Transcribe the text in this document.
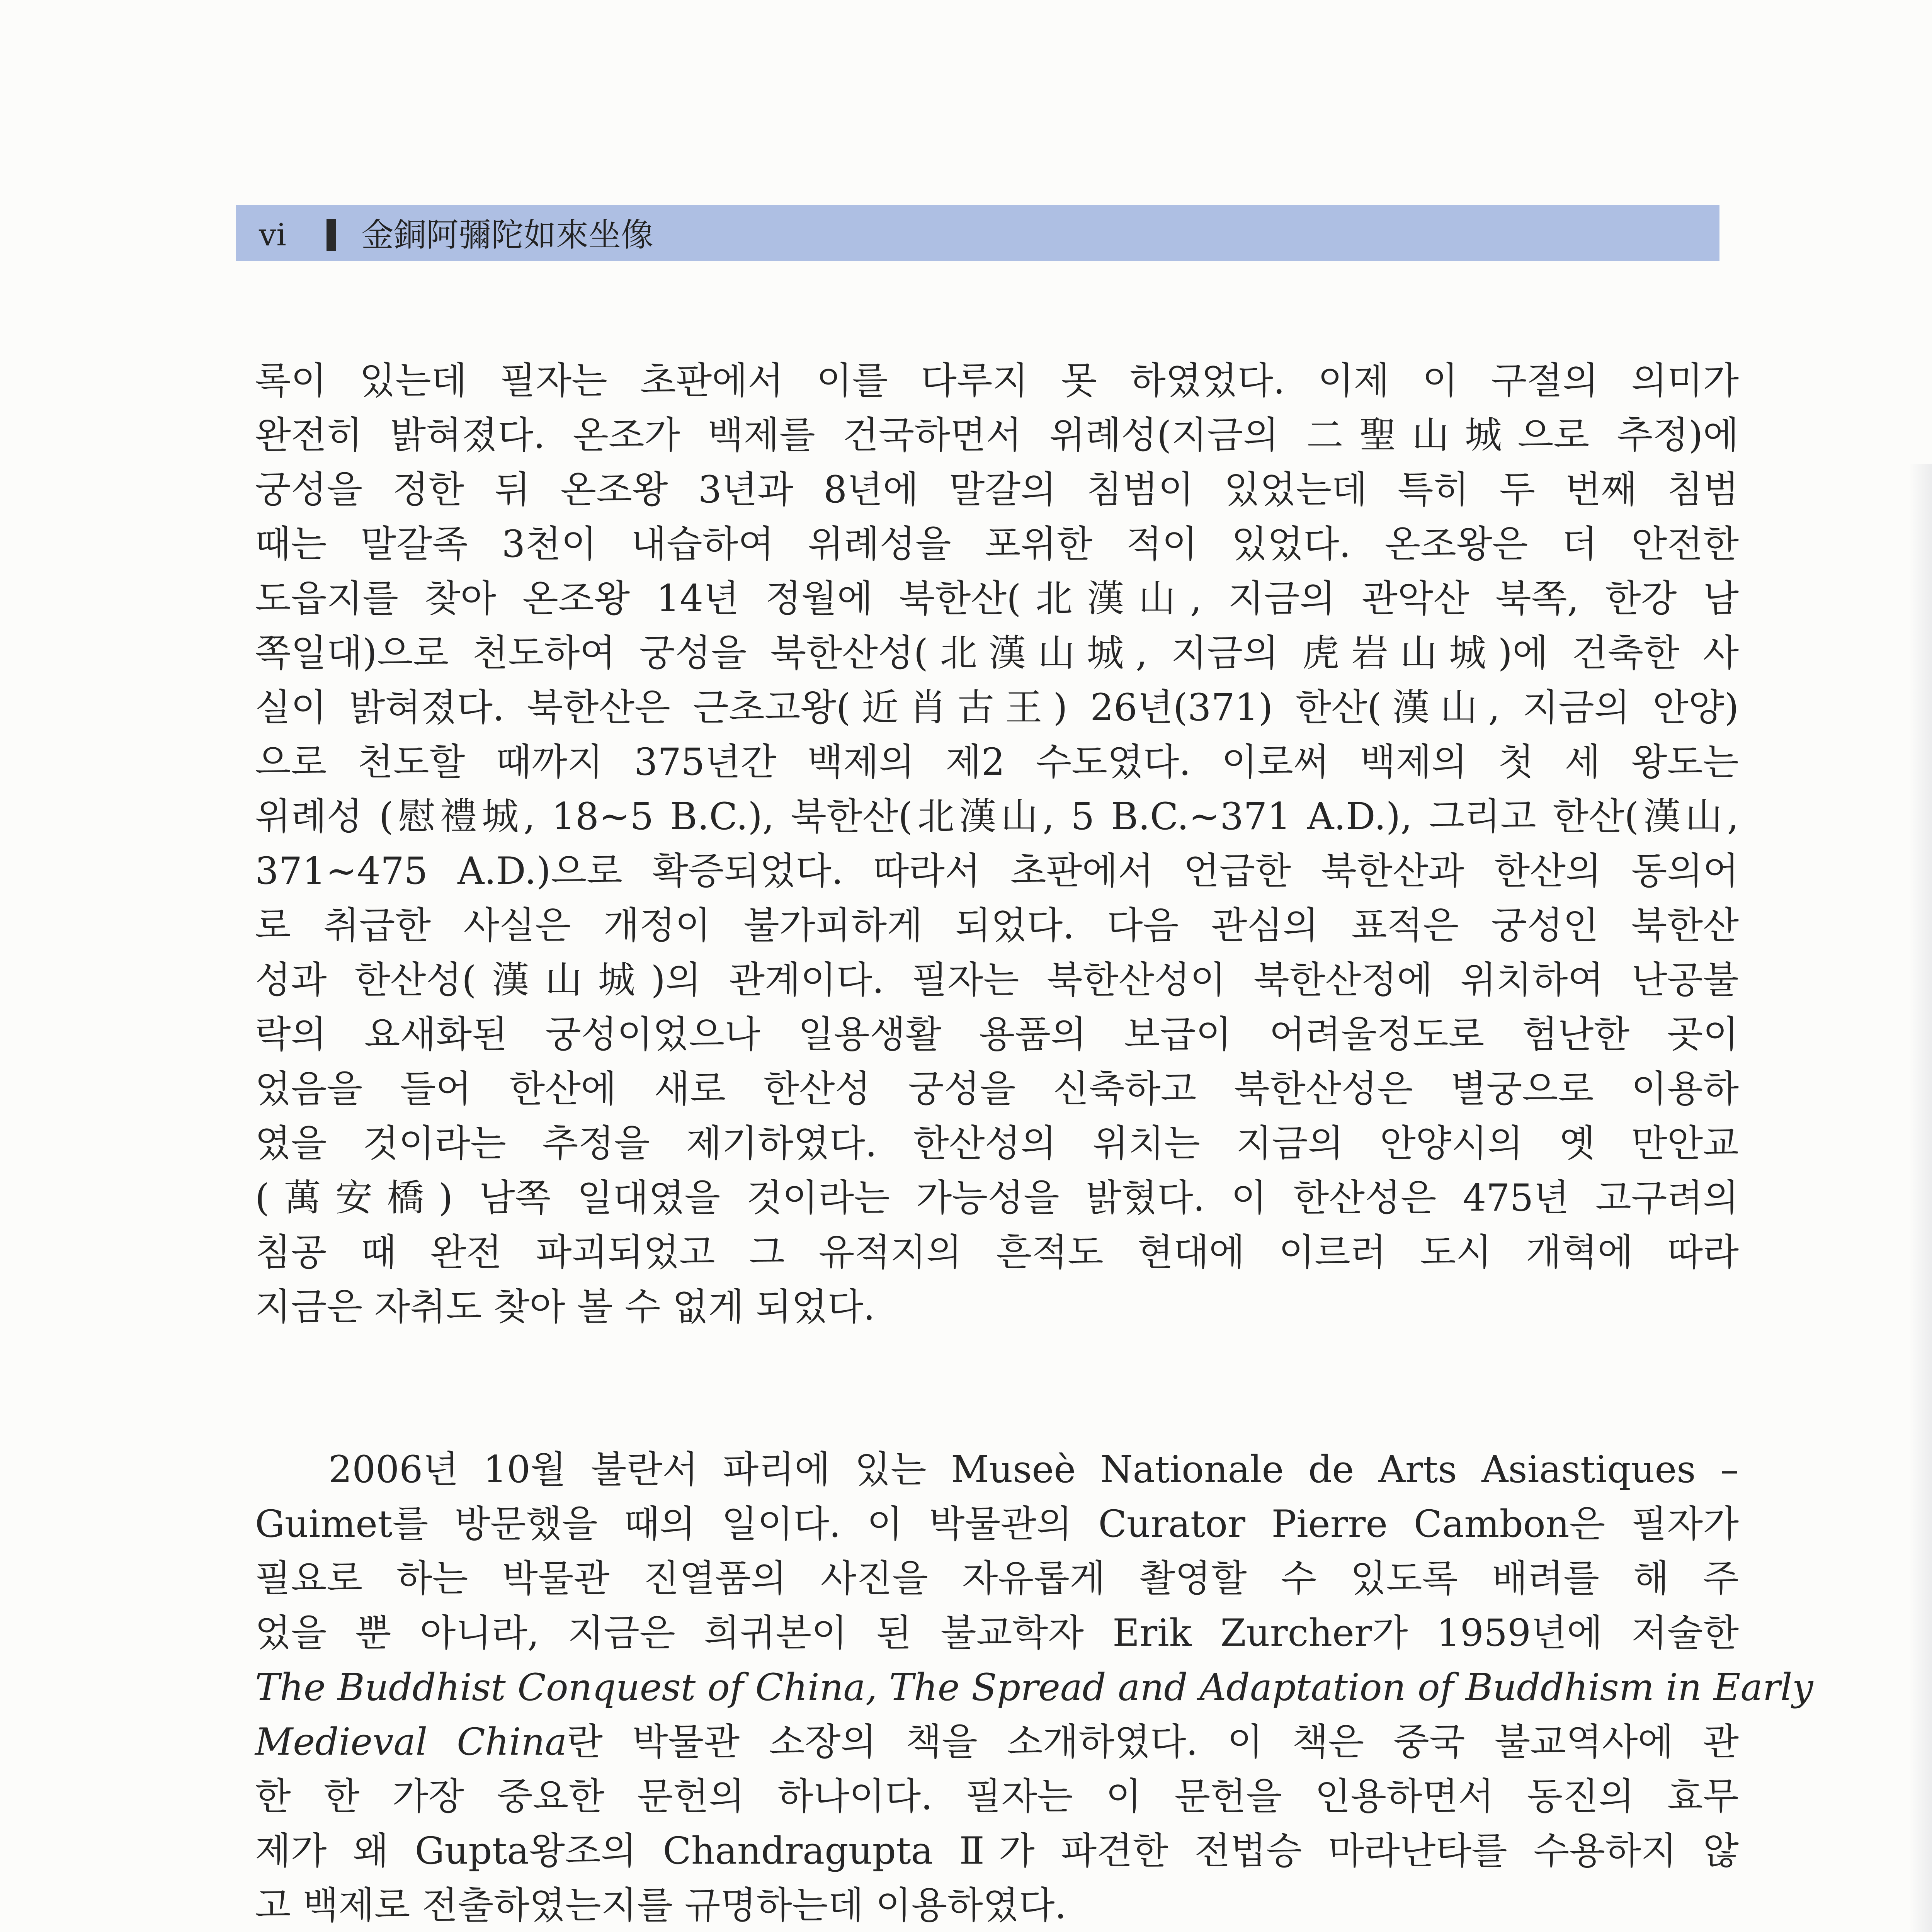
vi 金銅阿彌陀如來坐像

록이 있는데 필자는 초판에서 이를 다루지 못 하였었다. 이제 이 구절의 의미가

완전히 밝혀졌다. 온조가 백제를 건국하면서 위례성(지금의 二聖山城으로 추정)에

궁성을 정한 뒤 온조왕 3년과 8년에 말갈의 침범이 있었는데 특히 두 번째 침범

때는 말갈족 3천이 내습하여 위례성을 포위한 적이 있었다. 온조왕은 더 안전한

도읍지를 찾아 온조왕 14년 정월에 북한산(北漢山, 지금의 관악산 북쪽, 한강 남

쪽일대)으로 천도하여 궁성을 북한산성(北漢山城, 지금의 虎岩山城)에 건축한 사

실이 밝혀졌다. 북한산은 근초고왕(近肖古王) 26년(371) 한산(漢山, 지금의 안양)

으로 천도할 때까지 375년간 백제의 제2 수도였다. 이로써 백제의 첫 세 왕도는

위례성 (慰禮城, 18~5 B.C.), 북한산(北漢山, 5 B.C.~371 A.D.), 그리고 한산(漢山,

371~475 A.D.)으로 확증되었다. 따라서 초판에서 언급한 북한산과 한산의 동의어

로 취급한 사실은 개정이 불가피하게 되었다. 다음 관심의 표적은 궁성인 북한산

성과 한산성(漢山城)의 관계이다. 필자는 북한산성이 북한산정에 위치하여 난공불

락의 요새화된 궁성이었으나 일용생활 용품의 보급이 어려울정도로 험난한 곳이

었음을 들어 한산에 새로 한산성 궁성을 신축하고 북한산성은 별궁으로 이용하

였을 것이라는 추정을 제기하였다. 한산성의 위치는 지금의 안양시의 옛 만안교

(萬安橋) 남쪽 일대였을 것이라는 가능성을 밝혔다. 이 한산성은 475년 고구려의

침공 때 완전 파괴되었고 그 유적지의 흔적도 현대에 이르러 도시 개혁에 따라

지금은 자취도 찾아 볼 수 없게 되었다.

2006년 10월 불란서 파리에 있는 Museè Nationale de Arts Asiastiques –

Guimet를 방문했을 때의 일이다. 이 박물관의 Curator Pierre Cambon은 필자가

필요로 하는 박물관 진열품의 사진을 자유롭게 촬영할 수 있도록 배려를 해 주

었을 뿐 아니라, 지금은 희귀본이 된 불교학자 Erik Zurcher가 1959년에 저술한

The Buddhist Conquest of China, The Spread and Adaptation of Buddhism in Early

Medieval China란 박물관 소장의 책을 소개하였다. 이 책은 중국 불교역사에 관

한 한 가장 중요한 문헌의 하나이다. 필자는 이 문헌을 인용하면서 동진의 효무

제가 왜 Gupta왕조의 Chandragupta Ⅱ가 파견한 전법승 마라난타를 수용하지 않

고 백제로 전출하였는지를 규명하는데 이용하였다.
